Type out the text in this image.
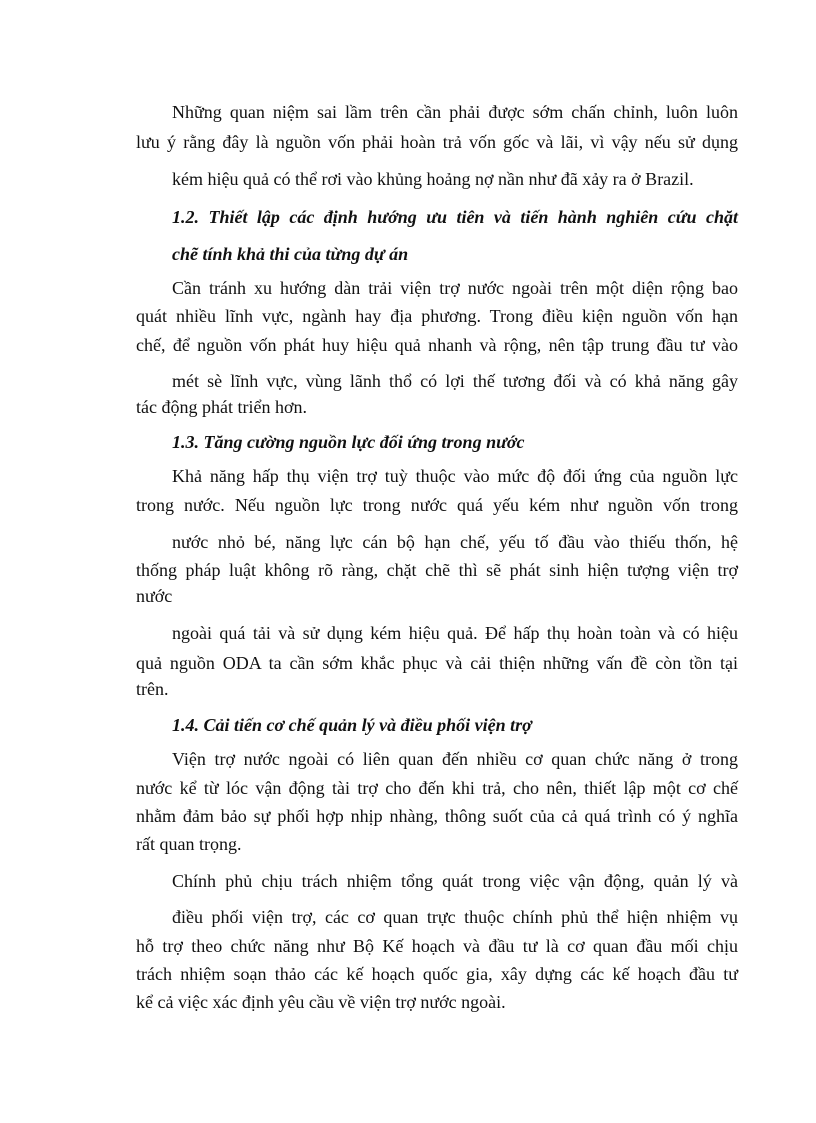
Những quan niệm sai lầm trên cần phải được sớm chấn chỉnh, luôn luôn

lưu ý rằng đây là nguồn vốn phải hoàn trả vốn gốc và lãi, vì vậy nếu sử dụng

kém hiệu quả có thể rơi vào khủng hoảng nợ nần như đã xảy ra ở Brazil.

1.2. Thiết lập các định hướng ưu tiên và tiến hành nghiên cứu chặt

chẽ tính khả thi của từng dự án

Cần tránh xu hướng dàn trải viện trợ nước ngoài trên một diện rộng bao

quát nhiều lĩnh vực, ngành hay địa phương. Trong điều kiện nguồn vốn hạn

chế, để nguồn vốn phát huy hiệu quả nhanh và rộng, nên tập trung đầu tư vào

mét sè lĩnh vực, vùng lãnh thổ có lợi thế tương đối và có khả năng gây

tác động phát triển hơn.

1.3. Tăng cường nguồn lực đối ứng trong nước

Khả năng hấp thụ viện trợ tuỳ thuộc vào mức độ đối ứng của nguồn lực

trong nước. Nếu nguồn lực trong nước quá yếu kém như nguồn vốn trong

nước nhỏ bé, năng lực cán bộ hạn chế, yếu tố đầu vào thiếu thốn, hệ

thống pháp luật không rõ ràng, chặt chẽ thì sẽ phát sinh hiện tượng viện trợ

nước

ngoài quá tải và sử dụng kém hiệu quả. Để hấp thụ hoàn toàn và có hiệu

quả nguồn ODA ta cần sớm khắc phục và cải thiện những vấn đề còn tồn tại

trên.

1.4. Cải tiến cơ chế quản lý và điều phối viện trợ

Viện trợ nước ngoài có liên quan đến nhiều cơ quan chức năng ở trong

nước kể từ lóc vận động tài trợ cho đến khi trả, cho nên, thiết lập một cơ chế

nhằm đảm bảo sự phối hợp nhịp nhàng, thông suốt của cả quá trình có ý nghĩa

rất quan trọng.

Chính phủ chịu trách nhiệm tổng quát trong việc vận động, quản lý và

điều phối viện trợ, các cơ quan trực thuộc chính phủ thể hiện nhiệm vụ

hỗ trợ theo chức năng như Bộ Kế hoạch và đầu tư là cơ quan đầu mối chịu

trách nhiệm soạn thảo các kế hoạch quốc gia, xây dựng các kế hoạch đầu tư

kể cả việc xác định yêu cầu về viện trợ nước ngoài.
